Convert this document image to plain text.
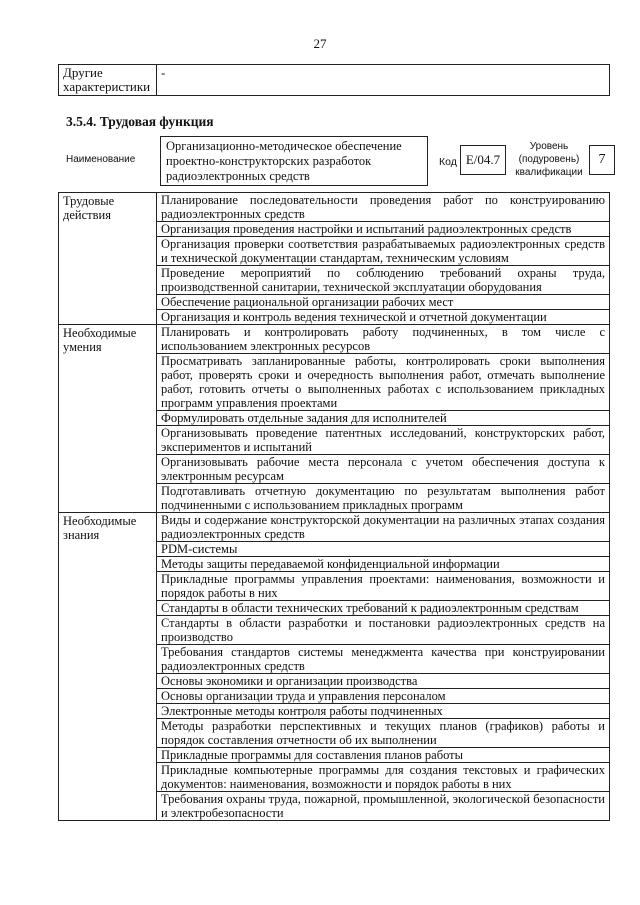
27
Другие характеристики	-
3.5.4. Трудовая функция
Наименование
Организационно-методическое обеспечение проектно-конструкторских разработок радиоэлектронных средств
Код E/04.7
Уровень (подуровень) квалификации
7
Трудовые действия	Планирование последовательности проведения работ по конструированию радиоэлектронных средств
	Организация проведения настройки и испытаний радиоэлектронных средств
	Организация проверки соответствия разрабатываемых радиоэлектронных средств и технической документации стандартам, техническим условиям
	Проведение мероприятий по соблюдению требований охраны труда, производственной санитарии, технической эксплуатации оборудования
	Обеспечение рациональной организации рабочих мест
	Организация и контроль ведения технической и отчетной документации
Необходимые умения	Планировать и контролировать работу подчиненных, в том числе с использованием электронных ресурсов
	Просматривать запланированные работы, контролировать сроки выполнения работ, проверять сроки и очередность выполнения работ, отмечать выполнение работ, готовить отчеты о выполненных работах с использованием прикладных программ управления проектами
	Формулировать отдельные задания для исполнителей
	Организовывать проведение патентных исследований, конструкторских работ, экспериментов и испытаний
	Организовывать рабочие места персонала с учетом обеспечения доступа к электронным ресурсам
	Подготавливать отчетную документацию по результатам выполнения работ подчиненными с использованием прикладных программ
Необходимые знания	Виды и содержание конструкторской документации на различных этапах создания радиоэлектронных средств
	PDM-системы
	Методы защиты передаваемой конфиденциальной информации
	Прикладные программы управления проектами: наименования, возможности и порядок работы в них
	Стандарты в области технических требований к радиоэлектронным средствам
	Стандарты в области разработки и постановки радиоэлектронных средств на производство
	Требования стандартов системы менеджмента качества при конструировании радиоэлектронных средств
	Основы экономики и организации производства
	Основы организации труда и управления персоналом
	Электронные методы контроля работы подчиненных
	Методы разработки перспективных и текущих планов (графиков) работы и порядок составления отчетности об их выполнении
	Прикладные программы для составления планов работы
	Прикладные компьютерные программы для создания текстовых и графических документов: наименования, возможности и порядок работы в них
	Требования охраны труда, пожарной, промышленной, экологической безопасности и электробезопасности
